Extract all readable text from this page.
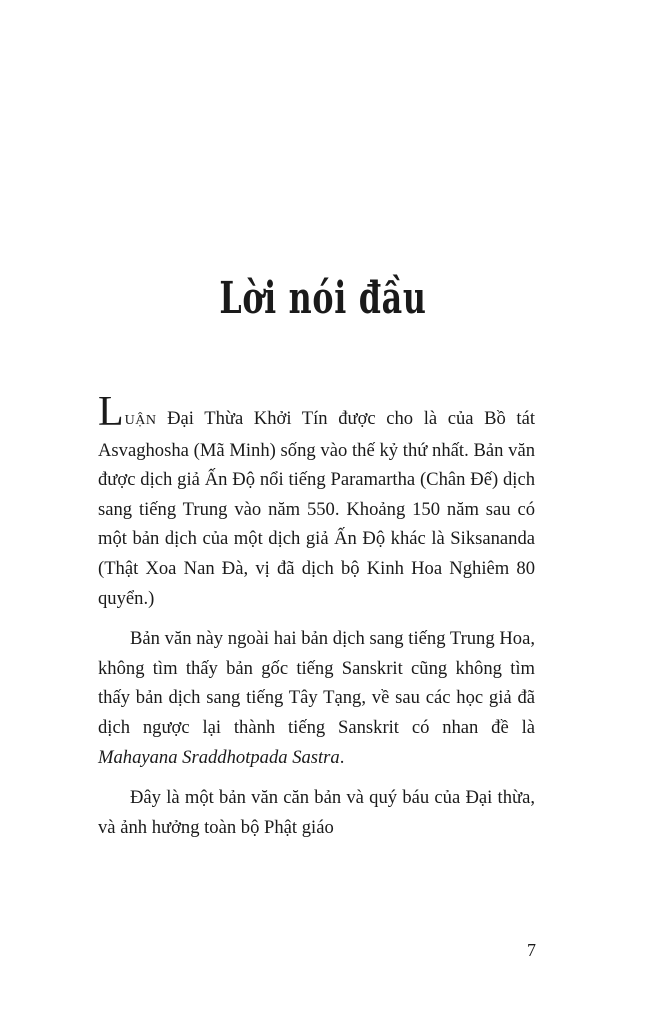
Lời nói đầu

LUẬN Đại Thừa Khởi Tín được cho là của Bồ tát Asvaghosha (Mã Minh) sống vào thế kỷ thứ nhất. Bản văn được dịch giả Ấn Độ nổi tiếng Paramartha (Chân Đế) dịch sang tiếng Trung vào năm 550. Khoảng 150 năm sau có một bản dịch của một dịch giả Ấn Độ khác là Siksananda (Thật Xoa Nan Đà, vị đã dịch bộ Kinh Hoa Nghiêm 80 quyển.)

Bản văn này ngoài hai bản dịch sang tiếng Trung Hoa, không tìm thấy bản gốc tiếng Sanskrit cũng không tìm thấy bản dịch sang tiếng Tây Tạng, về sau các học giả đã dịch ngược lại thành tiếng Sanskrit có nhan đề là Mahayana Sraddhotpada Sastra.

Đây là một bản văn căn bản và quý báu của Đại thừa, và ảnh hưởng toàn bộ Phật giáo

7
